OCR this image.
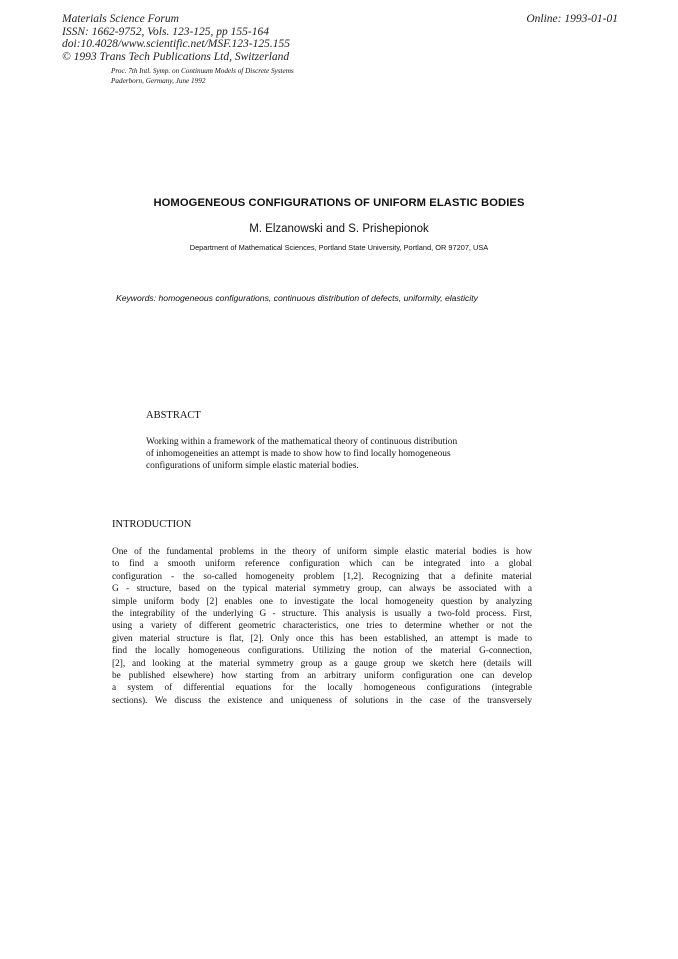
Materials Science Forum
ISSN: 1662-9752, Vols. 123-125, pp 155-164
doi:10.4028/www.scientific.net/MSF.123-125.155
© 1993 Trans Tech Publications Ltd, Switzerland
Online: 1993-01-01
Proc. 7th Intl. Symp. on Continuum Models of Discrete Systems
Paderborn, Germany, June 1992
HOMOGENEOUS CONFIGURATIONS OF UNIFORM ELASTIC BODIES
M. Elzanowski and S. Prishepionok
Department of Mathematical Sciences, Portland State University, Portland, OR 97207, USA
Keywords: homogeneous configurations, continuous distribution of defects, uniformity, elasticity
ABSTRACT
Working within a framework of the mathematical theory of continuous distribution
of inhomogeneities an attempt is made to show how to find locally homogeneous
configurations of uniform simple elastic material bodies.
INTRODUCTION
One of the fundamental problems in the theory of uniform simple elastic material bodies is how
to find a smooth uniform reference configuration which can be integrated into a global
configuration - the so-called homogeneity problem [1,2]. Recognizing that a definite material
G - structure, based on the typical material symmetry group, can always be associated with a
simple uniform body [2] enables one to investigate the local homogeneity question by analyzing
the integrability of the underlying G - structure. This analysis is usually a two-fold process. First,
using a variety of different geometric characteristics, one tries to determine whether or not the
given material structure is flat, [2]. Only once this has been established, an attempt is made to
find the locally homogeneous configurations. Utilizing the notion of the material G-connection,
[2], and looking at the material symmetry group as a gauge group we sketch here (details will
be published elsewhere) how starting from an arbitrary uniform configuration one can develop
a system of differential equations for the locally homogeneous configurations (integrable
sections). We discuss the existence and uniqueness of solutions in the case of the transversely
